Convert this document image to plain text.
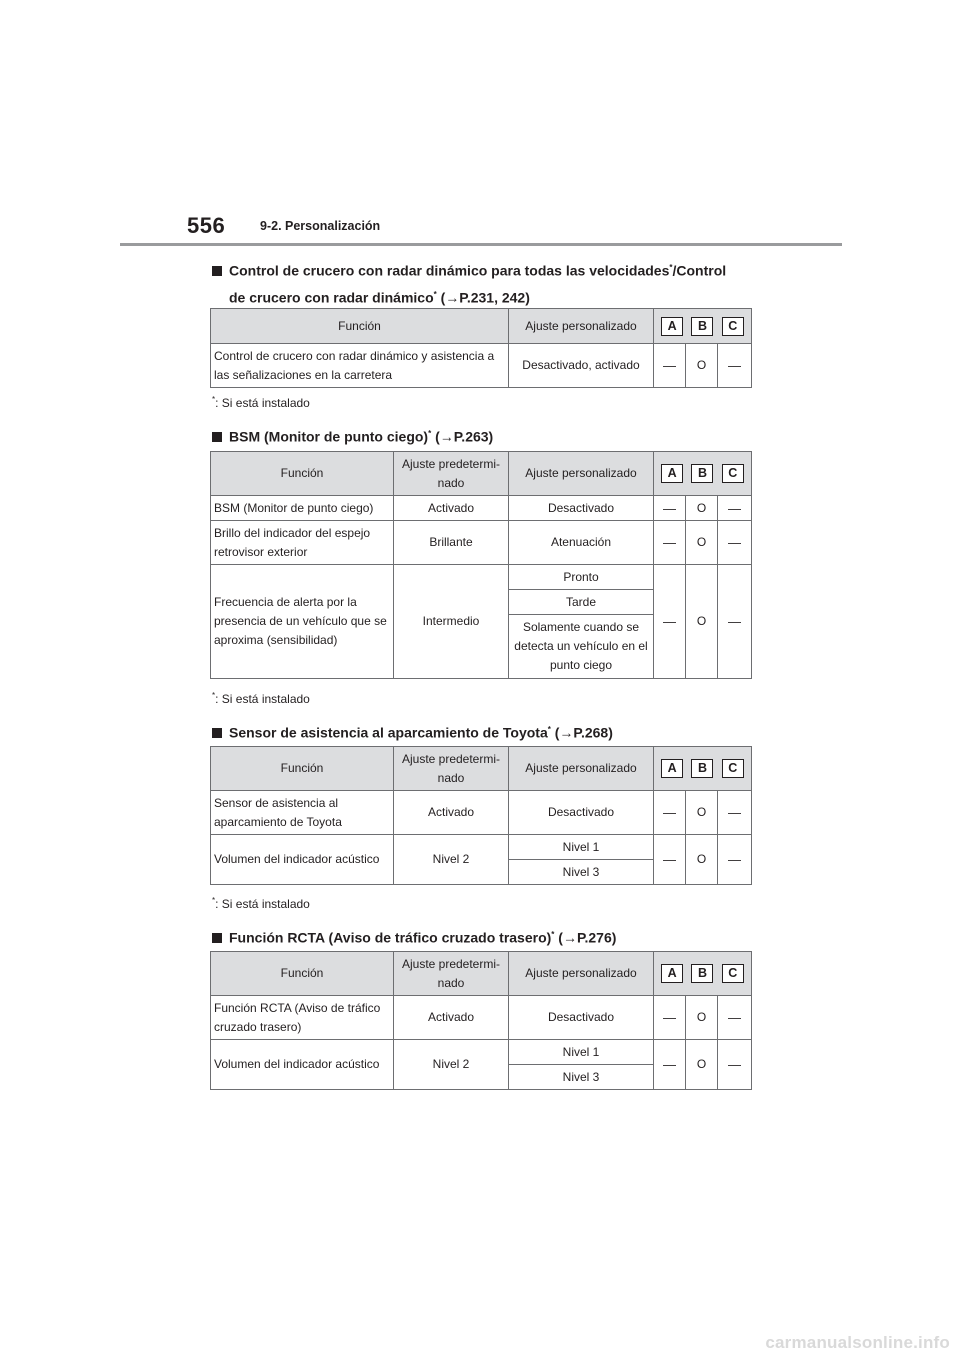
556	9-2. Personalización
Control de crucero con radar dinámico para todas las velocidades*/Control
de crucero con radar dinámico* (→P.231, 242)
Función	Ajuste personalizado	A B C		

Control de crucero con radar dinámico y asistencia a las señalizaciones en la carretera	Desactivado, activado	—	O	—
*: Si está instalado
BSM (Monitor de punto ciego)* (→P.263)
Función	Ajuste predetermi- nado	Ajuste personalizado	A B C		

BSM (Monitor de punto ciego)	Activado	Desactivado	—	O	—
Brillo del indicador del espejo retrovisor exterior	Brillante	Atenuación	—	O	—
Frecuencia de alerta por la presencia de un vehículo que se aproxima (sensibilidad)	Intermedio	Pronto	—	O	—
		Tarde			
		Solamente cuando se detecta un vehículo en el punto ciego			
*: Si está instalado
Sensor de asistencia al aparcamiento de Toyota* (→P.268)
Función	Ajuste predetermi- nado	Ajuste personalizado	A B C		

Sensor de asistencia al aparcamiento de Toyota	Activado	Desactivado	—	O	—
Volumen del indicador acústico	Nivel 2	Nivel 1	—	O	—
		Nivel 3			
*: Si está instalado
Función RCTA (Aviso de tráfico cruzado trasero)* (→P.276)
Función	Ajuste predetermi- nado	Ajuste personalizado	A B C		

Función RCTA (Aviso de tráfico cruzado trasero)	Activado	Desactivado	—	O	—
Volumen del indicador acústico	Nivel 2	Nivel 1	—	O	—
		Nivel 3			
carmanualsonline.info
